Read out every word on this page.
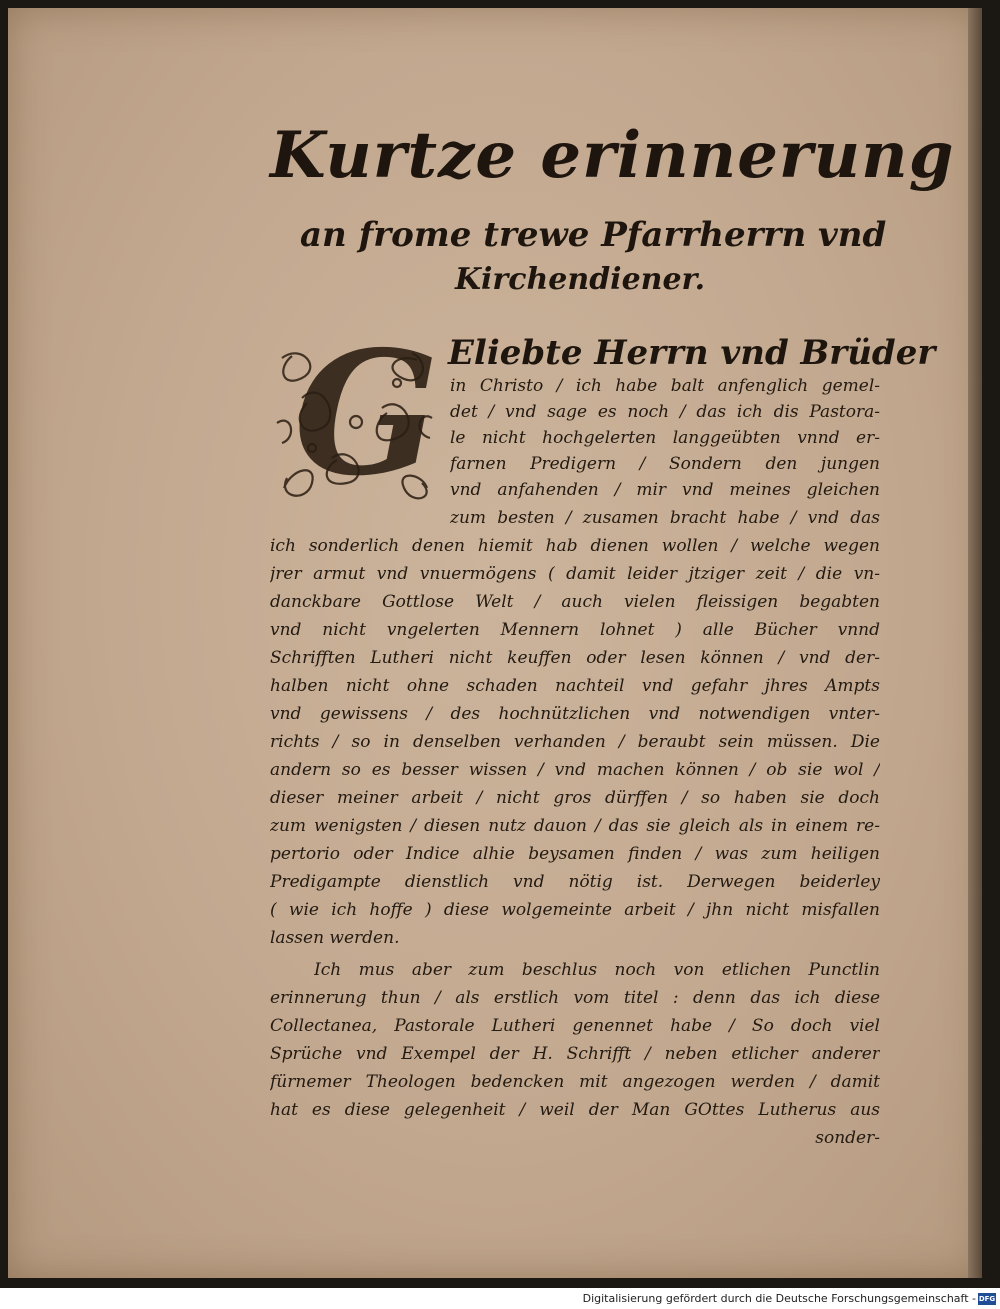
Kurtze erinnerung
an frome trewe Pfarrherrn vnd
Kirchendiener.
G Eliebte Herrn vnd Brüder
in Christo / ich habe balt anfenglich gemel-
det / vnd sage es noch / das ich dis Pastora-
le nicht hochgelerten langgeübten vnnd er-
farnen Predigern / Sondern den jungen
vnd anfahenden / mir vnd meines gleichen
zum besten / zusamen bracht habe / vnd das
ich sonderlich denen hiemit hab dienen wollen / welche wegen
jrer armut vnd vnuermögens ( damit leider jtziger zeit / die vn-
danckbare Gottlose Welt / auch vielen fleissigen begabten
vnd nicht vngelerten Mennern lohnet ) alle Bücher vnnd
Schrifften Lutheri nicht keuffen oder lesen können / vnd der-
halben nicht ohne schaden nachteil vnd gefahr jhres Ampts
vnd gewissens / des hochnützlichen vnd notwendigen vnter-
richts / so in denselben verhanden / beraubt sein müssen. Die
andern so es besser wissen / vnd machen können / ob sie wol /
dieser meiner arbeit / nicht gros dürffen / so haben sie doch
zum wenigsten / diesen nutz dauon / das sie gleich als in einem re-
pertorio oder Indice alhie beysamen finden / was zum heiligen
Predigampte dienstlich vnd nötig ist. Derwegen beiderley
( wie ich hoffe ) diese wolgemeinte arbeit / jhn nicht misfallen
lassen werden.
Ich mus aber zum beschlus noch von etlichen Punctlin
erinnerung thun / als erstlich vom titel : denn das ich diese
Collectanea, Pastorale Lutheri genennet habe / So doch viel
Sprüche vnd Exempel der H. Schrifft / neben etlicher anderer
fürnemer Theologen bedencken mit angezogen werden / damit
hat es diese gelegenheit / weil der Man GOttes Lutherus aus
sonder-
Digitalisierung gefördert durch die Deutsche Forschungsgemeinschaft - DFG
